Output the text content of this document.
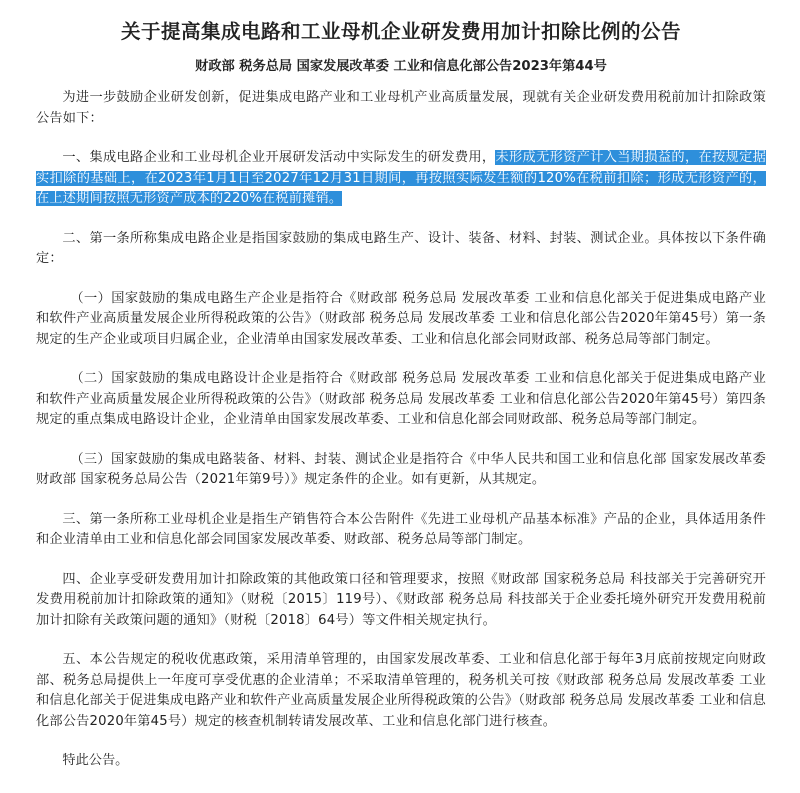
关于提高集成电路和工业母机企业研发费用加计扣除比例的公告
财政部 税务总局 国家发展改革委 工业和信息化部公告2023年第44号

为进一步鼓励企业研发创新，促进集成电路产业和工业母机产业高质量发展，现就有关企业研发费用税前加计扣除政策公告如下：

一、集成电路企业和工业母机企业开展研发活动中实际发生的研发费用，未形成无形资产计入当期损益的，在按规定据实扣除的基础上，在2023年1月1日至2027年12月31日期间，再按照实际发生额的120%在税前扣除；形成无形资产的，在上述期间按照无形资产成本的220%在税前摊销。

二、第一条所称集成电路企业是指国家鼓励的集成电路生产、设计、装备、材料、封装、测试企业。具体按以下条件确定：

（一）国家鼓励的集成电路生产企业是指符合《财政部 税务总局 发展改革委 工业和信息化部关于促进集成电路产业和软件产业高质量发展企业所得税政策的公告》（财政部 税务总局 发展改革委 工业和信息化部公告2020年第45号）第一条规定的生产企业或项目归属企业，企业清单由国家发展改革委、工业和信息化部会同财政部、税务总局等部门制定。

（二）国家鼓励的集成电路设计企业是指符合《财政部 税务总局 发展改革委 工业和信息化部关于促进集成电路产业和软件产业高质量发展企业所得税政策的公告》（财政部 税务总局 发展改革委 工业和信息化部公告2020年第45号）第四条规定的重点集成电路设计企业，企业清单由国家发展改革委、工业和信息化部会同财政部、税务总局等部门制定。

（三）国家鼓励的集成电路装备、材料、封装、测试企业是指符合《中华人民共和国工业和信息化部 国家发展改革委 财政部 国家税务总局公告（2021年第9号）》规定条件的企业。如有更新，从其规定。

三、第一条所称工业母机企业是指生产销售符合本公告附件《先进工业母机产品基本标准》产品的企业，具体适用条件和企业清单由工业和信息化部会同国家发展改革委、财政部、税务总局等部门制定。

四、企业享受研发费用加计扣除政策的其他政策口径和管理要求，按照《财政部 国家税务总局 科技部关于完善研究开发费用税前加计扣除政策的通知》（财税〔2015〕119号）、《财政部 税务总局 科技部关于企业委托境外研究开发费用税前加计扣除有关政策问题的通知》（财税〔2018〕64号）等文件相关规定执行。

五、本公告规定的税收优惠政策，采用清单管理的，由国家发展改革委、工业和信息化部于每年3月底前按规定向财政部、税务总局提供上一年度可享受优惠的企业清单；不采取清单管理的，税务机关可按《财政部 税务总局 发展改革委 工业和信息化部关于促进集成电路产业和软件产业高质量发展企业所得税政策的公告》（财政部 税务总局 发展改革委 工业和信息化部公告2020年第45号）规定的核查机制转请发展改革、工业和信息化部门进行核查。

特此公告。
